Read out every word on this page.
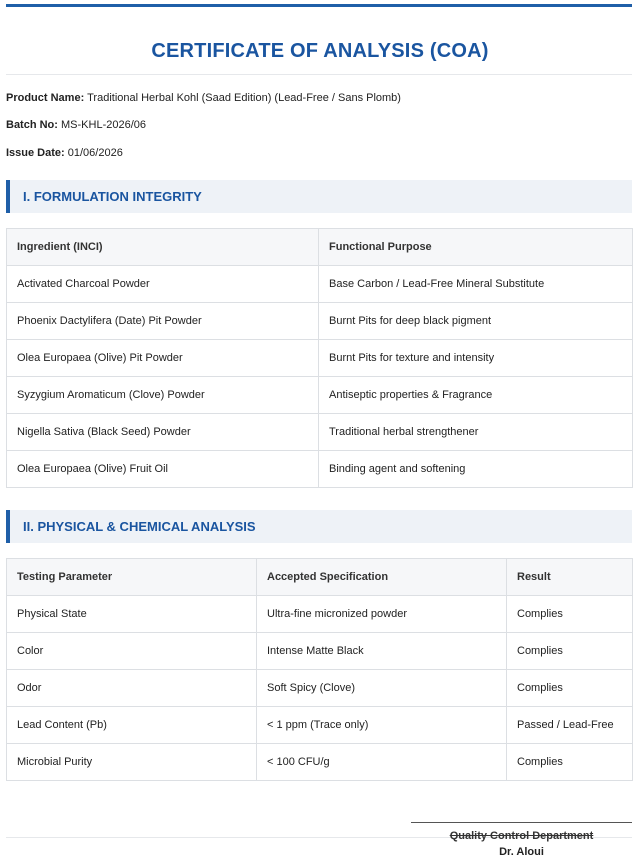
CERTIFICATE OF ANALYSIS (COA)
Product Name: Traditional Herbal Kohl (Saad Edition) (Lead-Free / Sans Plomb)
Batch No: MS-KHL-2026/06
Issue Date: 01/06/2026
I. FORMULATION INTEGRITY
Ingredient (INCI)	Functional Purpose
Activated Charcoal Powder	Base Carbon / Lead-Free Mineral Substitute
Phoenix Dactylifera (Date) Pit Powder	Burnt Pits for deep black pigment
Olea Europaea (Olive) Pit Powder	Burnt Pits for texture and intensity
Syzygium Aromaticum (Clove) Powder	Antiseptic properties & Fragrance
Nigella Sativa (Black Seed) Powder	Traditional herbal strengthener
Olea Europaea (Olive) Fruit Oil	Binding agent and softening
II. PHYSICAL & CHEMICAL ANALYSIS
Testing Parameter	Accepted Specification	Result
Physical State	Ultra-fine micronized powder	Complies
Color	Intense Matte Black	Complies
Odor	Soft Spicy (Clove)	Complies
Lead Content (Pb)	< 1 ppm (Trace only)	Passed / Lead-Free
Microbial Purity	< 100 CFU/g	Complies
Quality Control Department
Dr. Aloui
